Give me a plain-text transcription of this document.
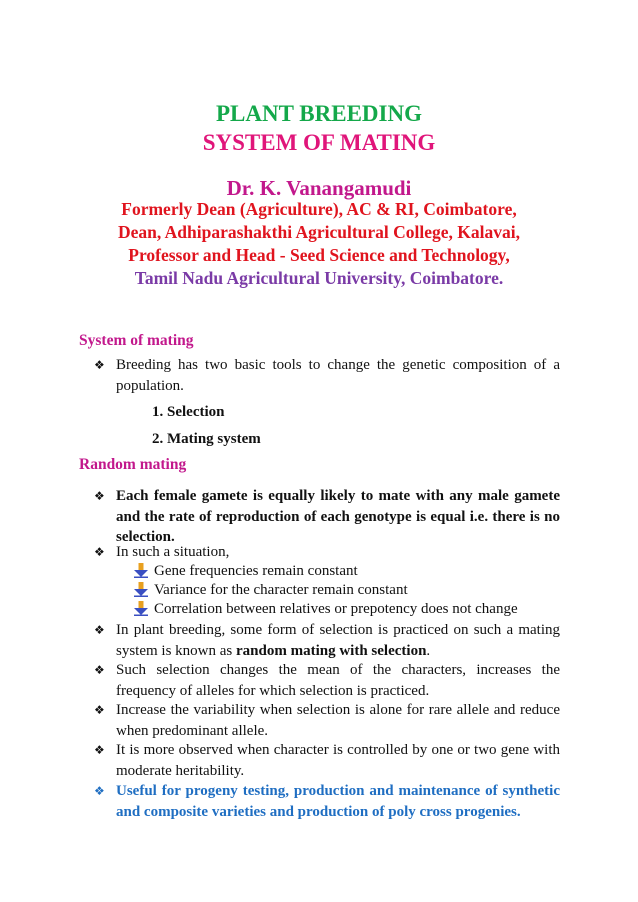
PLANT BREEDING
SYSTEM OF MATING
Dr. K. Vanangamudi
Formerly Dean (Agriculture), AC & RI, Coimbatore,
Dean, Adhiparashakthi Agricultural College, Kalavai,
Professor and Head - Seed Science and Technology,
Tamil Nadu Agricultural University, Coimbatore.
System of mating
❖ Breeding has two basic tools to change the genetic composition of a population.
1. Selection
2. Mating system
Random mating
❖ Each female gamete is equally likely to mate with any male gamete and the rate of reproduction of each genotype is equal i.e. there is no selection.
❖ In such a situation,
Gene frequencies remain constant
Variance for the character remain constant
Correlation between relatives or prepotency does not change
❖ In plant breeding, some form of selection is practiced on such a mating system is known as random mating with selection.
❖ Such selection changes the mean of the characters, increases the frequency of alleles for which selection is practiced.
❖ Increase the variability when selection is alone for rare allele and reduce when predominant allele.
❖ It is more observed when character is controlled by one or two gene with moderate heritability.
❖ Useful for progeny testing, production and maintenance of synthetic and composite varieties and production of poly cross progenies.
